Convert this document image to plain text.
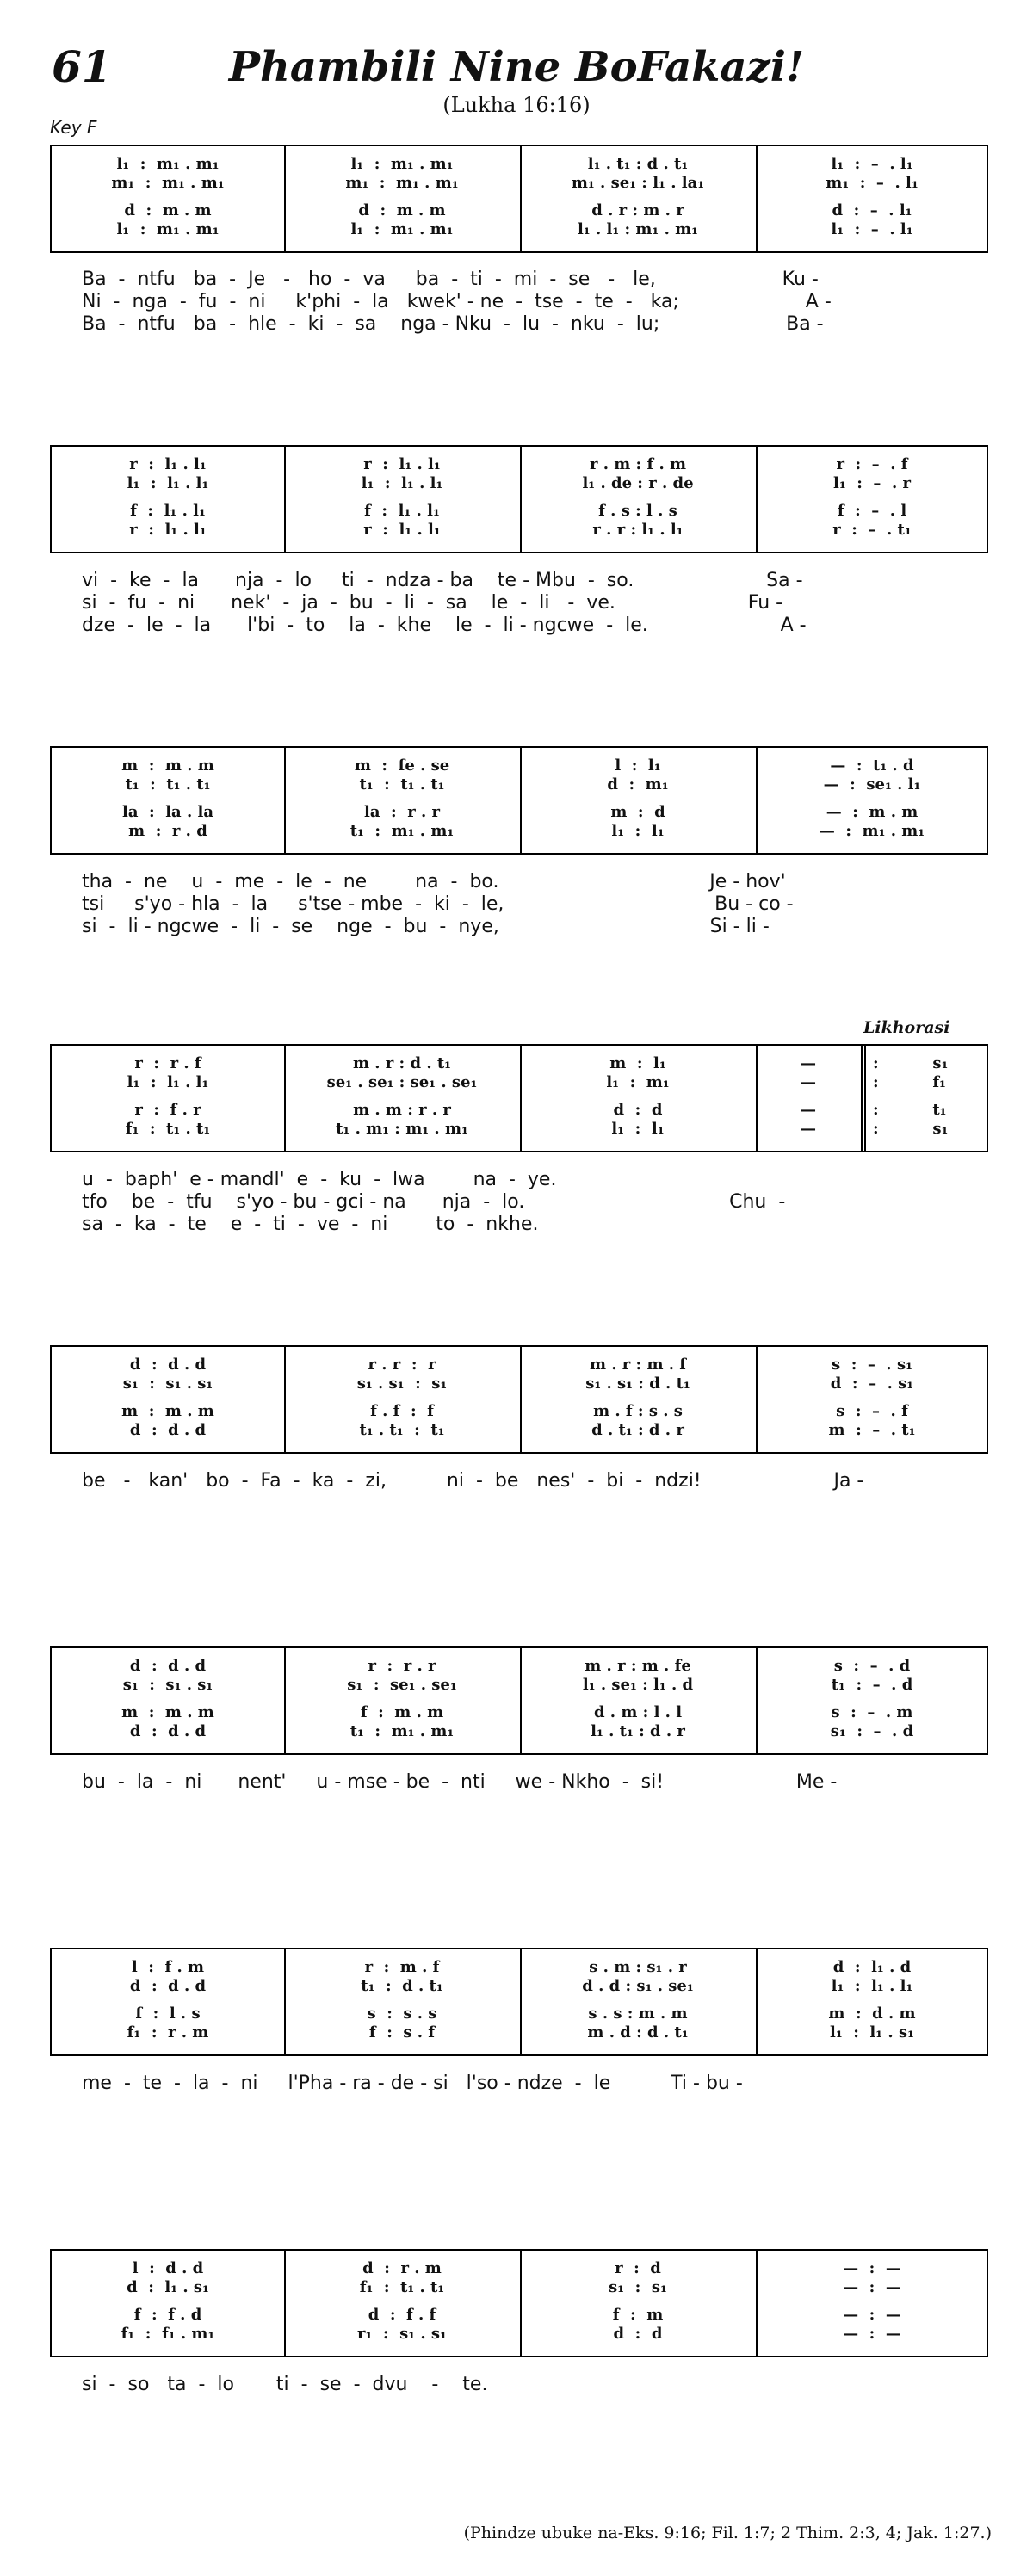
61	Phambili Nine BoFakazi!
(Lukha 16:16)
Key F
Likhorasi
l₁  :  m₁ . m₁
m₁  :  m₁ . m₁
d  :  m . m
l₁  :  m₁ . m₁
l₁  :  m₁ . m₁
m₁  :  m₁ . m₁
d  :  m . m
l₁  :  m₁ . m₁
l₁ . t₁ : d . t₁
m₁ . se₁ : l₁ . la₁
d . r : m . r
l₁ . l₁ : m₁ . m₁
l₁  :  –  . l₁
m₁  :  –  . l₁
d  :  –  . l₁
l₁  :  –  . l₁
Ba  -  ntfu   ba  -  Je   -   ho  -  va     ba  -  ti  -  mi  -  se   -   le,                     Ku -
Ni  -  nga  -  fu  -  ni     k'phi  -  la   kwek' - ne  -  tse  -  te  -   ka;                     A -
Ba  -  ntfu   ba  -  hle  -  ki  -  sa    nga - Nku  -  lu  -  nku  -  lu;                     Ba -
r  :  l₁ . l₁
l₁  :  l₁ . l₁
f  :  l₁ . l₁
r  :  l₁ . l₁
r  :  l₁ . l₁
l₁  :  l₁ . l₁
f  :  l₁ . l₁
r  :  l₁ . l₁
r . m : f . m
l₁ . de : r . de
f . s : l . s
r . r : l₁ . l₁
r  :  –  . f
l₁  :  –  . r
f  :  –  . l
r  :  –  . t₁
vi  -  ke  -  la      nja  -  lo     ti  -  ndza - ba    te - Mbu  -  so.                      Sa -
si  -  fu  -  ni      nek'  -  ja  -  bu  -  li  -  sa    le  -  li   -  ve.                      Fu -
dze  -  le  -  la      l'bi  -  to    la  -  khe    le  -  li - ngcwe  -  le.                      A -
m  :  m . m
t₁  :  t₁ . t₁
la  :  la . la
m  :  r . d
m  :  fe . se
t₁  :  t₁ . t₁
la  :  r . r
t₁  :  m₁ . m₁
l  :  l₁
d  :  m₁
m  :  d
l₁  :  l₁
—  :  t₁ . d
—  :  se₁ . l₁
—  :  m . m
—  :  m₁ . m₁
tha  -  ne    u  -  me  -  le  -  ne        na  -  bo.                                   Je - hov'
tsi     s'yo - hla  -  la     s'tse - mbe  -  ki  -  le,                                   Bu - co -
si  -  li - ngcwe  -  li  -  se    nge  -  bu  -  nye,                                   Si - li -
r  :  r . f
l₁  :  l₁ . l₁
r  :  f . r
f₁  :  t₁ . t₁
m . r : d . t₁
se₁ . se₁ : se₁ . se₁
m . m : r . r
t₁ . m₁ : m₁ . m₁
m  :  l₁
l₁  :  m₁
d  :  d
l₁  :  l₁
—
—
—
—
:          s₁
:          f₁
:          t₁
:          s₁
u  -  baph'  e - mandl'  e  -  ku  -  lwa        na  -  ye.
tfo    be  -  tfu    s'yo - bu - gci - na      nja  -  lo.                                  Chu  -
sa  -  ka  -  te    e  -  ti  -  ve  -  ni        to  -  nkhe.
d  :  d . d
s₁  :  s₁ . s₁
m  :  m . m
d  :  d . d
r . r  :  r
s₁ . s₁  :  s₁
f . f  :  f
t₁ . t₁  :  t₁
m . r : m . f
s₁ . s₁ : d . t₁
m . f : s . s
d . t₁ : d . r
s  :  –  . s₁
d  :  –  . s₁
s  :  –  . f
m  :  –  . t₁
be   -   kan'   bo  -  Fa  -  ka  -  zi,          ni  -  be   nes'  -  bi  -  ndzi!                      Ja -
d  :  d . d
s₁  :  s₁ . s₁
m  :  m . m
d  :  d . d
r  :  r . r
s₁  :  se₁ . se₁
f  :  m . m
t₁  :  m₁ . m₁
m . r : m . fe
l₁ . se₁ : l₁ . d
d . m : l . l
l₁ . t₁ : d . r
s  :  –  . d
t₁  :  –  . d
s  :  –  . m
s₁  :  –  . d
bu  -  la  -  ni      nent'     u - mse - be  -  nti     we - Nkho  -  si!                      Me -
l  :  f . m
d  :  d . d
f  :  l . s
f₁  :  r . m
r  :  m . f
t₁  :  d . t₁
s  :  s . s
f  :  s . f
s . m : s₁ . r
d . d : s₁ . se₁
s . s : m . m
m . d : d . t₁
d  :  l₁ . d
l₁  :  l₁ . l₁
m  :  d . m
l₁  :  l₁ . s₁
me  -  te  -  la  -  ni     l'Pha - ra - de - si   l'so - ndze  -  le          Ti - bu -
l  :  d . d
d  :  l₁ . s₁
f  :  f . d
f₁  :  f₁ . m₁
d  :  r . m
f₁  :  t₁ . t₁
d  :  f . f
r₁  :  s₁ . s₁
r  :  d
s₁  :  s₁
f  :  m
d  :  d
—  :  —
—  :  —
—  :  —
—  :  —
si  -  so   ta  -  lo       ti  -  se  -  dvu    -    te.
(Phindze ubuke na-Eks. 9:16; Fil. 1:7; 2 Thim. 2:3, 4; Jak. 1:27.)
